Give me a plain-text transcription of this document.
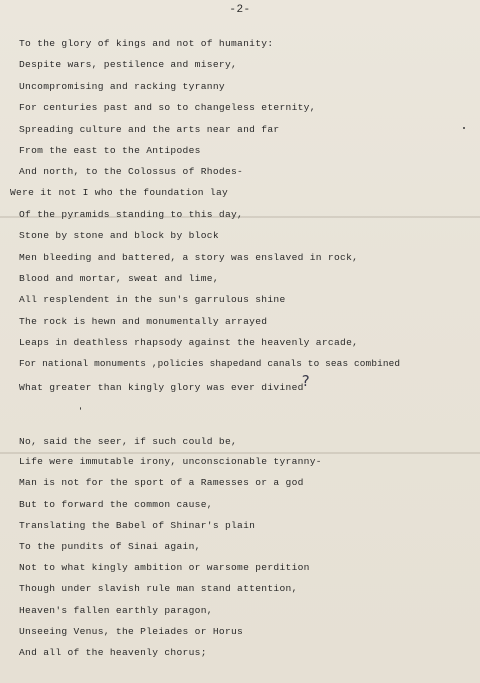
-2-
To the glory of kings and not of humanity:
Despite wars, pestilence and misery,
Uncompromising and racking tyranny
For centuries past and so to changeless eternity,
Spreading culture and the arts near and far
From the east to the Antipodes
And north, to the Colossus of Rhodes-
Were it not I who the foundation lay
Of the pyramids standing to this day,
Stone by stone and block by block
Men bleeding and battered, a story was enslaved in rock,
Blood and mortar, sweat and lime,
All resplendent in the sun's garrulous shine
The rock is hewn and monumentally arrayed
Leaps in deathless rhapsody against the heavenly arcade,
For national monuments ,policies shapedand canals to seas combined
What greater than kingly glory was ever divined?
No, said the seer, if such could be,
Life were immutable irony, unconscionable tyranny-
Man is not for the sport of a Ramesses or a god
But to forward the common cause,
Translating the Babel of Shinar's plain
To the pundits of Sinai again,
Not to what kingly ambition or warsome perdition
Though under slavish rule man stand attention,
Heaven's fallen earthly paragon,
Unseeing Venus, the Pleiades or Horus
And all of the heavenly chorus;
